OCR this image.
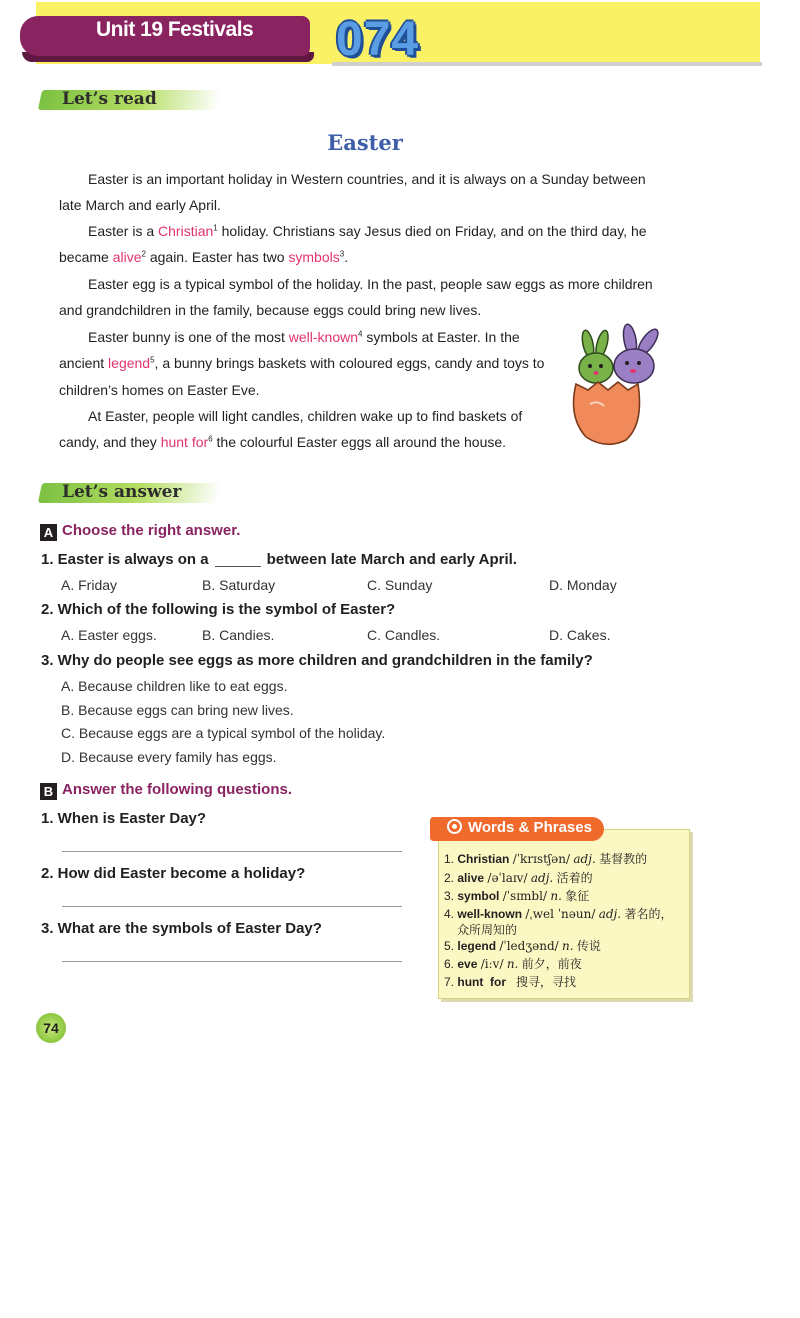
Unit 19 Festivals 074
Let’s read
Easter
Easter is an important holiday in Western countries, and it is always on a Sunday between late March and early April.
Easter is a Christian$^1$ holiday. Christians say Jesus died on Friday, and on the third day, he became alive$^2$ again. Easter has two symbols$^3$.
Easter egg is a typical symbol of the holiday. In the past, people saw eggs as more children and grandchildren in the family, because eggs could bring new lives.
Easter bunny is one of the most well-known$^4$ symbols at Easter. In the ancient legend$^5$, a bunny brings baskets with coloured eggs, candy and toys to children’s homes on Easter Eve.
At Easter, people will light candles, children wake up to find baskets of candy, and they hunt for$^6$ the colourful Easter eggs all around the house.
Let’s answer
A Choose the right answer.
1. Easter is always on a	between late March and early April.
A. Friday	B. Saturday	C. Sunday	D. Monday
2. Which of the following is the symbol of Easter?
A. Easter eggs.	B. Candies.	C. Candles.	D. Cakes.
3. Why do people see eggs as more children and grandchildren in the family?
A. Because children like to eat eggs.
B. Because eggs can bring new lives.
C. Because eggs are a typical symbol of the holiday.
D. Because every family has eggs.
B Answer the following questions.
1. When is Easter Day?
2. How did Easter become a holiday?
3. What are the symbols of Easter Day?
Words & Phrases
1. Christian /ˈkrɪstʃən/ adj. 基督教的
2. alive /əˈlaɪv/ adj. 活着的
3. symbol /ˈsɪmbl/ n. 象征
4. well-known /ˌwel ˈnəun/ adj. 著名的，
众所周知的
5. legend /ˈledʒənd/ n. 传说
6. eve /iːv/ n. 前夕，前夜
7. hunt  for 搜寻，寻找
74
